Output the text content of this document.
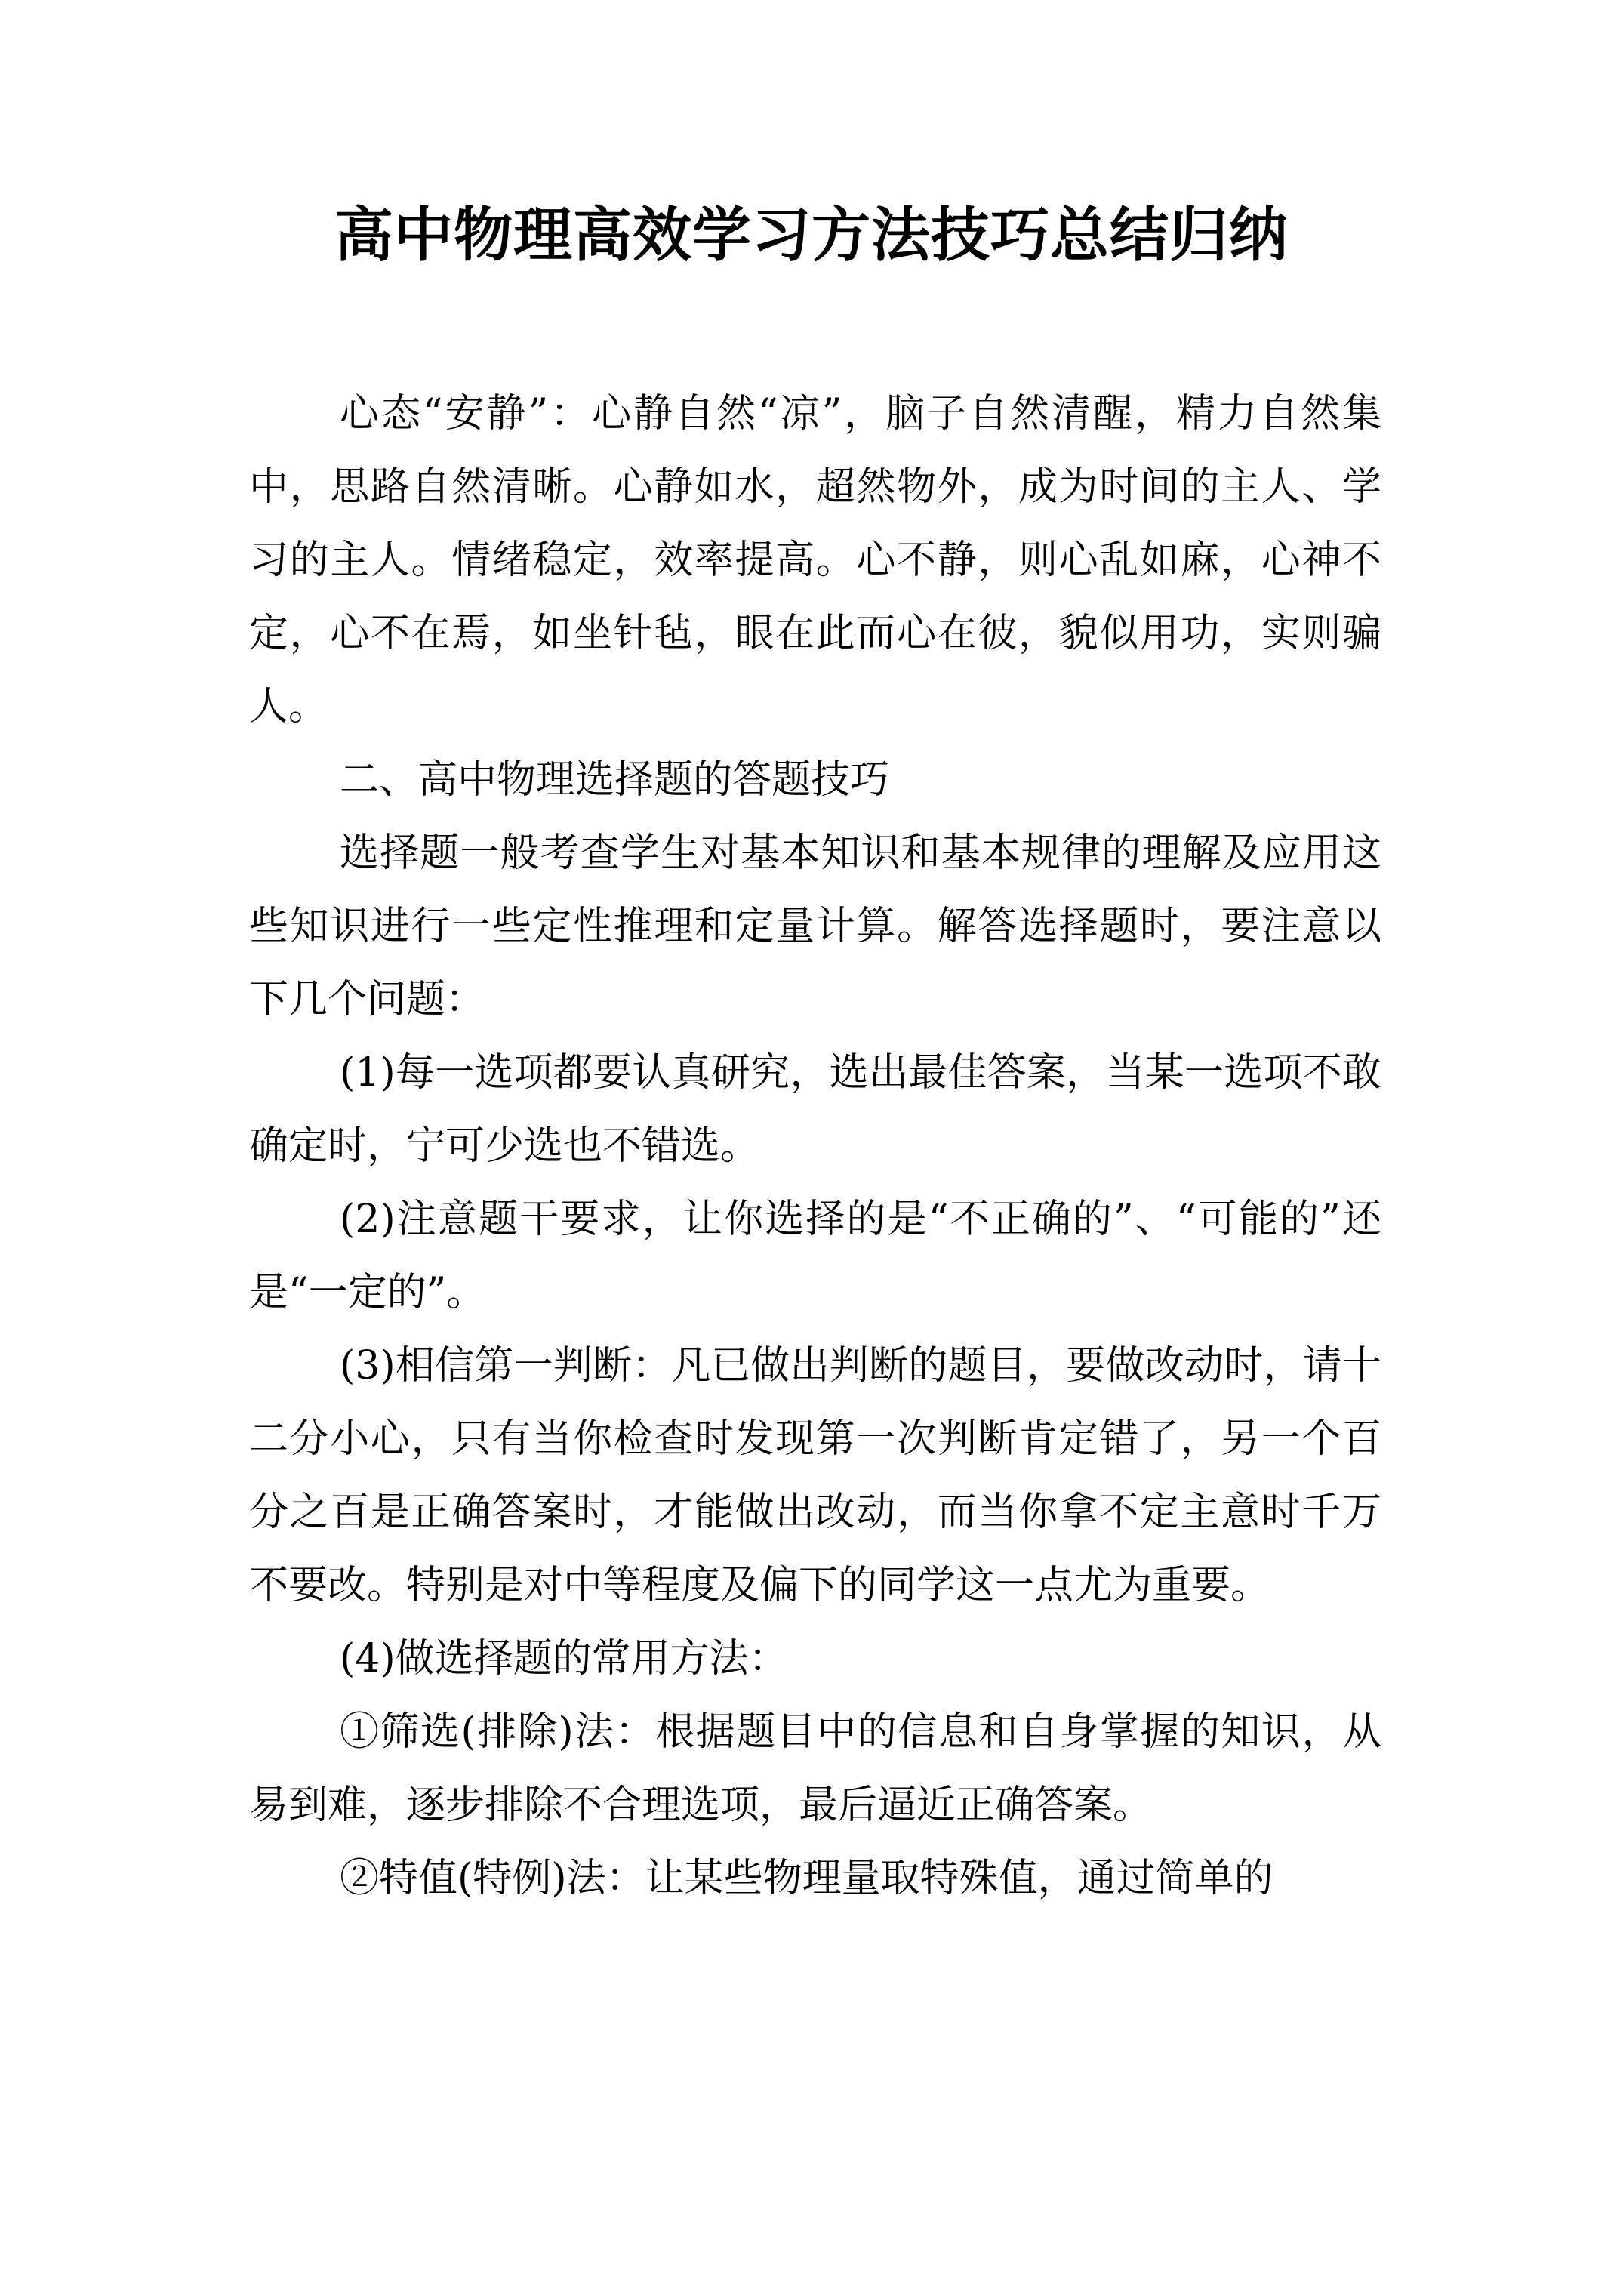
高中物理高效学习方法技巧总结归纳

心态“安静”：心静自然“凉”，脑子自然清醒，精力自然集中，思路自然清晰。心静如水，超然物外，成为时间的主人、学习的主人。情绪稳定，效率提高。心不静，则心乱如麻，心神不定，心不在焉，如坐针毡，眼在此而心在彼，貌似用功，实则骗人。

二、高中物理选择题的答题技巧

选择题一般考查学生对基本知识和基本规律的理解及应用这些知识进行一些定性推理和定量计算。解答选择题时，要注意以下几个问题：

(1)每一选项都要认真研究，选出最佳答案，当某一选项不敢确定时，宁可少选也不错选。

(2)注意题干要求，让你选择的是“不正确的”、“可能的”还是“一定的”。

(3)相信第一判断：凡已做出判断的题目，要做改动时，请十二分小心，只有当你检查时发现第一次判断肯定错了，另一个百分之百是正确答案时，才能做出改动，而当你拿不定主意时千万不要改。特别是对中等程度及偏下的同学这一点尤为重要。

(4)做选择题的常用方法：

①筛选(排除)法：根据题目中的信息和自身掌握的知识，从易到难，逐步排除不合理选项，最后逼近正确答案。

②特值(特例)法：让某些物理量取特殊值，通过简单的
